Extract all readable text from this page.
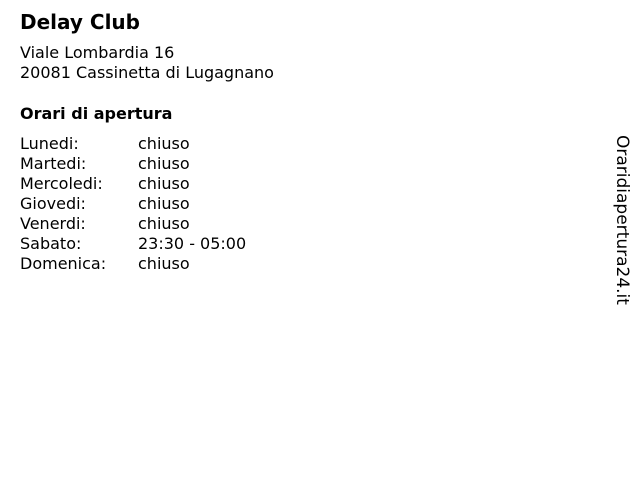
Delay Club
Viale Lombardia 16
20081 Cassinetta di Lugagnano
Orari di apertura
Lunedi:	chiuso
Martedi:	chiuso
Mercoledi:	chiuso
Giovedi:	chiuso
Venerdi:	chiuso
Sabato:	23:30 - 05:00
Domenica:	chiuso	Oraridiapertura24.it
